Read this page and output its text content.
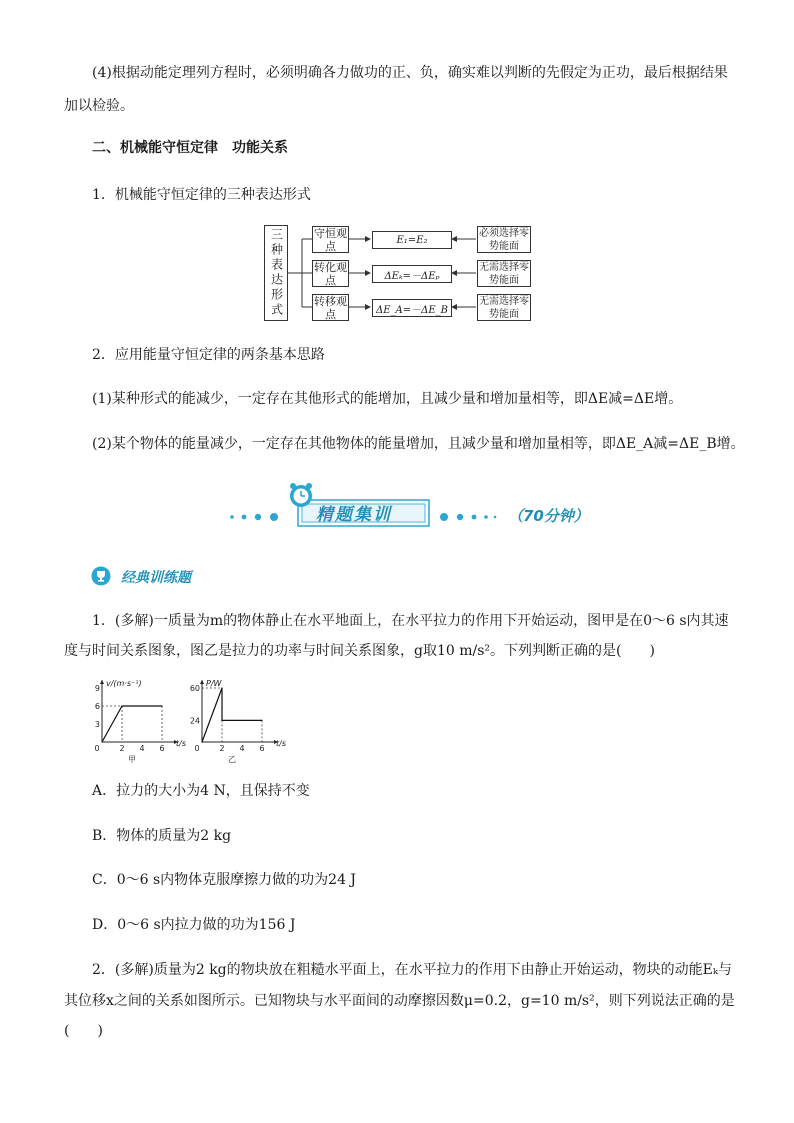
(4)根据动能定理列方程时，必须明确各力做功的正、负，确实难以判断的先假定为正功，最后根据结果
加以检验。
二、机械能守恒定律　功能关系
1．机械能守恒定律的三种表达形式
三种表达形式	守恒观点
转化观点
转移观点
E₁=E₂
ΔEₖ=－ΔEₚ
ΔE_A=－ΔE_B
必须选择零势能面
无需选择零势能面
无需选择零势能面
2．应用能量守恒定律的两条基本思路
(1)某种形式的能减少，一定存在其他形式的能增加，且减少量和增加量相等，即ΔE减=ΔE增。
(2)某个物体的能量减少，一定存在其他物体的能量增加，且减少量和增加量相等，即ΔE_A减=ΔE_B增。
精题集训	（70分钟）
经典训练题
1．(多解)一质量为m的物体静止在水平地面上，在水平拉力的作用下开始运动，图甲是在0～6 s内其速
度与时间关系图象，图乙是拉力的功率与时间关系图象，g取10 m/s²。下列判断正确的是(　　)
v/(m·s⁻¹)
t/s
甲
0 2 4 6
3
6
9
P/W
t/s
乙
0 2 4 6
24
60
A．拉力的大小为4 N，且保持不变
B．物体的质量为2 kg
C．0～6 s内物体克服摩擦力做的功为24 J
D．0～6 s内拉力做的功为156 J
2．(多解)质量为2 kg的物块放在粗糙水平面上，在水平拉力的作用下由静止开始运动，物块的动能Eₖ与
其位移x之间的关系如图所示。已知物块与水平面间的动摩擦因数μ=0.2，g=10 m/s²，则下列说法正确的是
(　　)
